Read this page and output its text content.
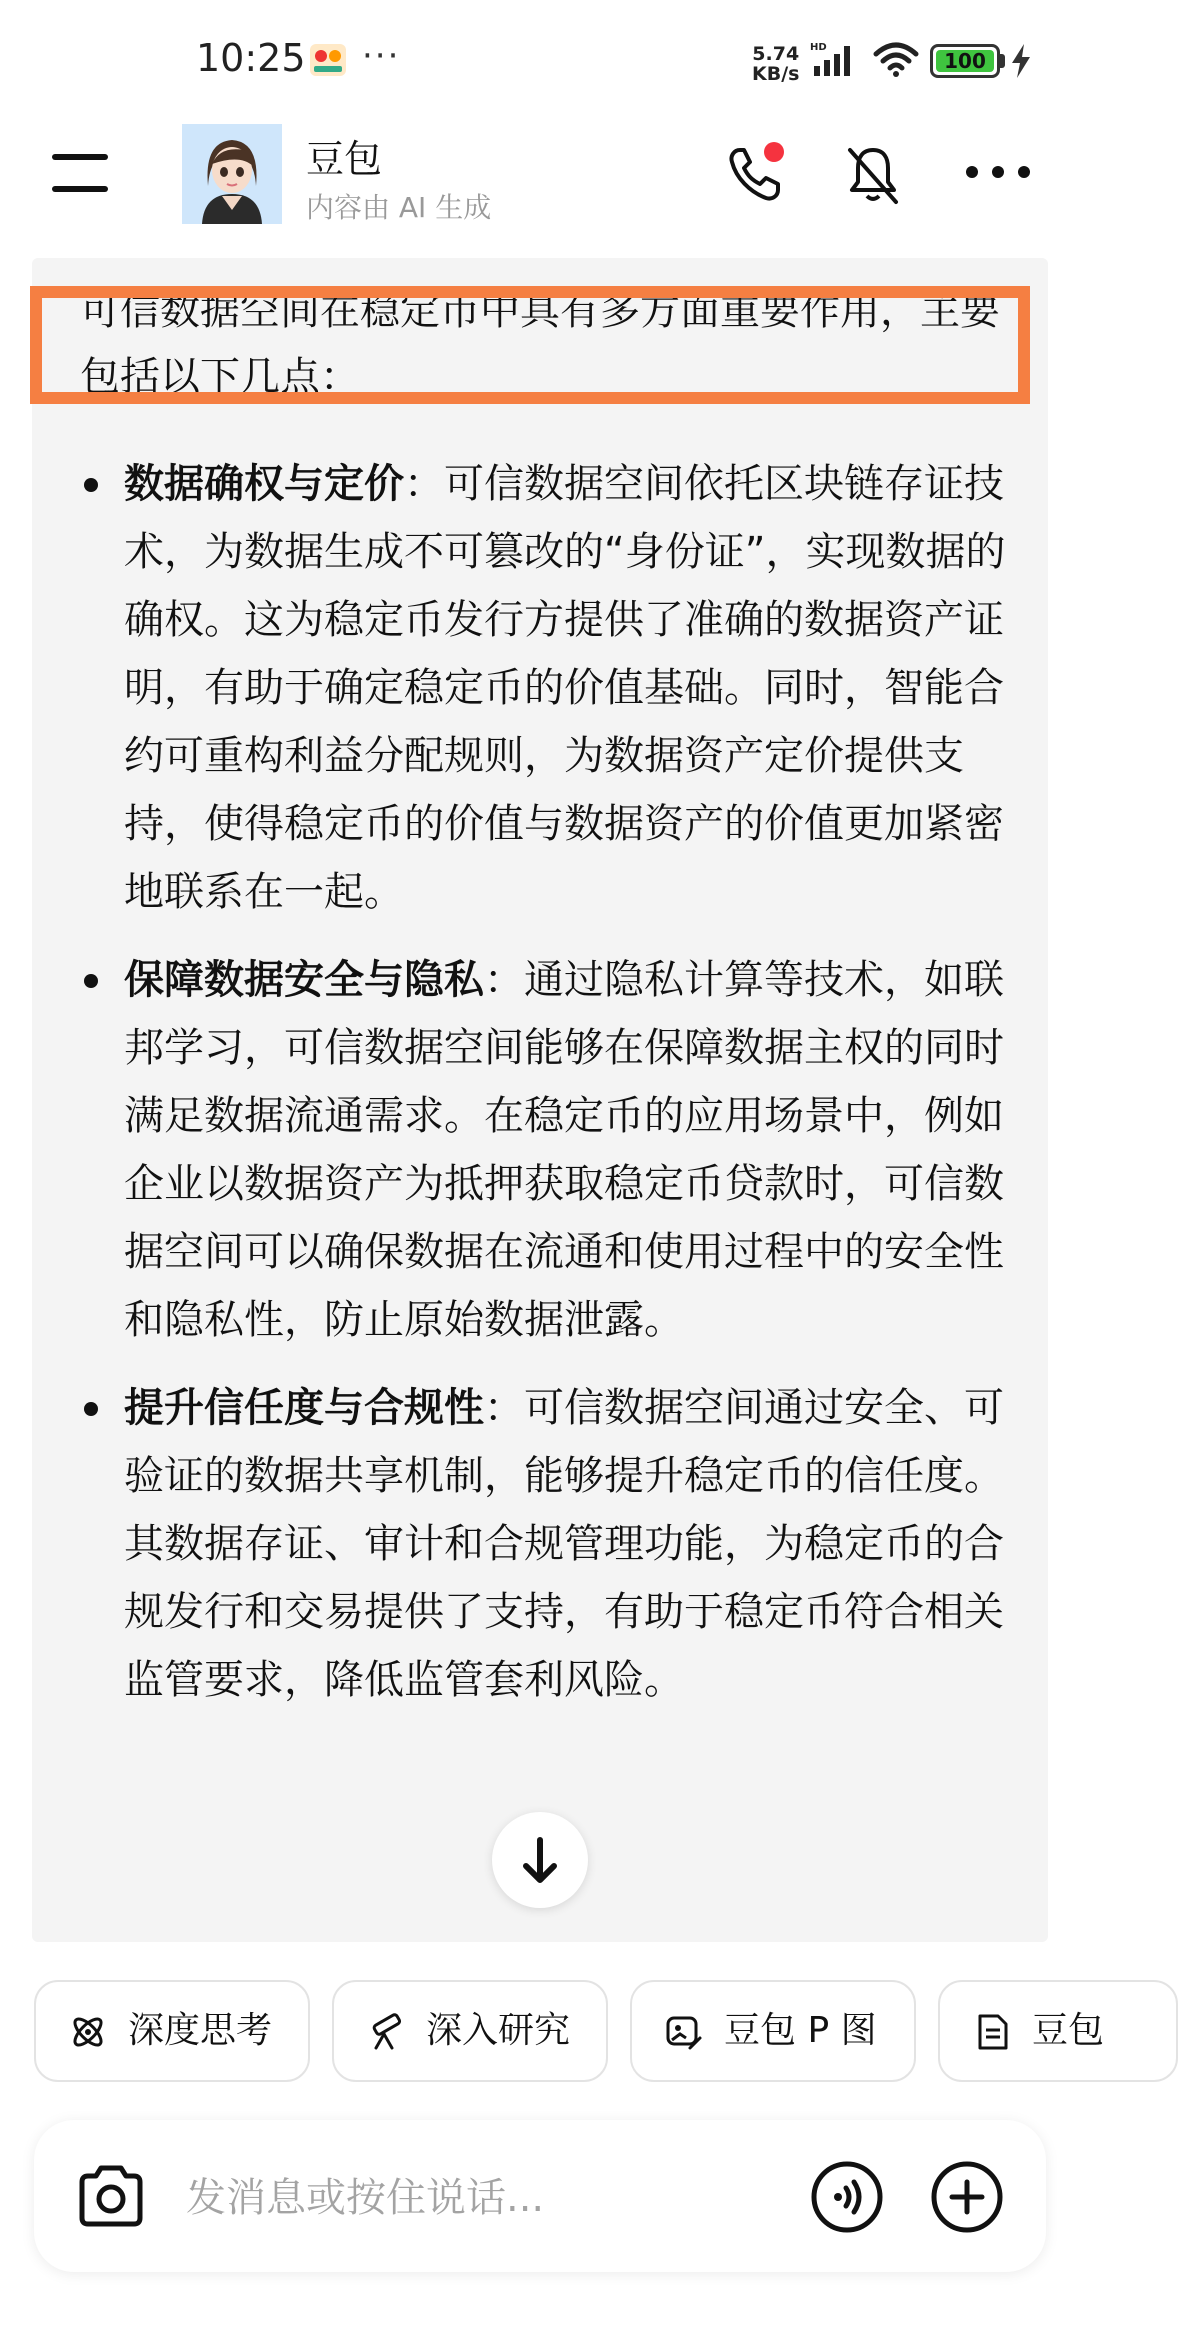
10:25 ···	5.74
KB/s
HD
100
豆包
内容由 AI 生成
可信数据空间在稳定币中具有多方面重要作用，主要包括以下几点：
数据确权与定价：可信数据空间依托区块链存证技术，为数据生成不可篡改的“身份证”，实现数据的确权。这为稳定币发行方提供了准确的数据资产证明，有助于确定稳定币的价值基础。同时，智能合约可重构利益分配规则，为数据资产定价提供支持，使得稳定币的价值与数据资产的价值更加紧密地联系在一起。
保障数据安全与隐私：通过隐私计算等技术，如联邦学习，可信数据空间能够在保障数据主权的同时满足数据流通需求。在稳定币的应用场景中，例如企业以数据资产为抵押获取稳定币贷款时，可信数据空间可以确保数据在流通和使用过程中的安全性和隐私性，防止原始数据泄露。
提升信任度与合规性：可信数据空间通过安全、可验证的数据共享机制，能够提升稳定币的信任度。其数据存证、审计和合规管理功能，为稳定币的合规发行和交易提供了支持，有助于稳定币符合相关监管要求，降低监管套利风险。
深度思考	深入研究	豆包 P 图	豆包
发消息或按住说话...
